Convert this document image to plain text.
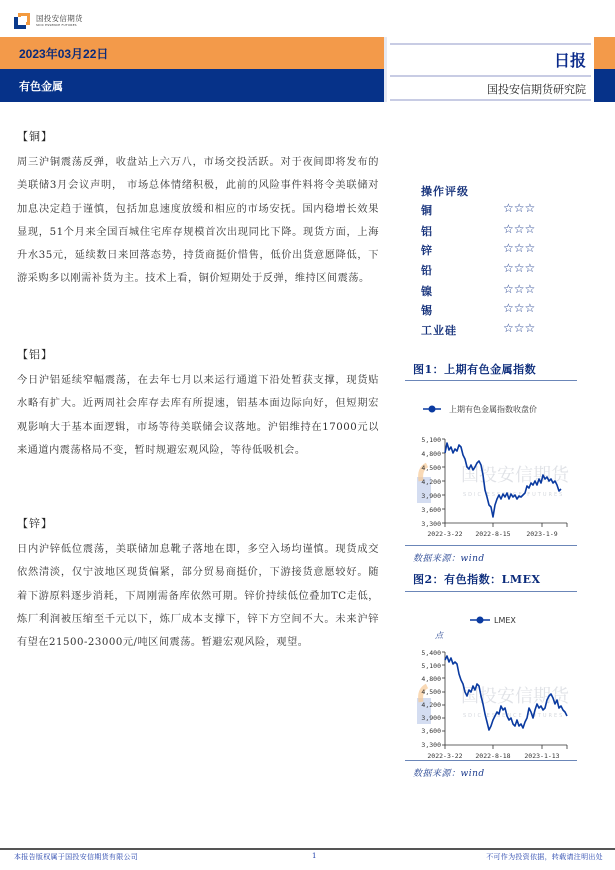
国投安信期货
SDIC ESSENCE FUTURES
2023年03月22日
有色金属
日报
国投安信期货研究院
【铜】
周三沪铜震荡反弹，收盘站上六万八，市场交投活跃。对于夜间即将发布的美联储3月会议声明， 市场总体情绪积极，此前的风险事件料将令美联储对加息决定趋于谨慎，包括加息速度放缓和相应的市场安抚。国内稳增长效果显现，51个月来全国百城住宅库存规模首次出现同比下降。现货方面，上海升水35元，延续数日来回落态势，持货商挺价惜售，低价出货意愿降低，下游采购多以刚需补货为主。技术上看，铜价短期处于反弹，维持区间震荡。
【铝】
今日沪铝延续窄幅震荡，在去年七月以来运行通道下沿处暂获支撑，现货贴水略有扩大。近两周社会库存去库有所提速，铝基本面边际向好，但短期宏观影响大于基本面逻辑，市场等待美联储会议落地。沪铝维持在17000元以来通道内震荡格局不变，暂时规避宏观风险，等待低吸机会。
【锌】
日内沪锌低位震荡，美联储加息靴子落地在即，多空入场均谨慎。现货成交依然清淡，仅宁波地区现货偏紧，部分贸易商挺价，下游接货意愿较好。随着下游原料逐步消耗，下周刚需备库依然可期。锌价持续低位叠加TC走低，炼厂利润被压缩至千元以下，炼厂成本支撑下，锌下方空间不大。未来沪锌有望在21500-23000元/吨区间震荡。暂避宏观风险，观望。
操作评级
铜	☆☆☆
铝	☆☆☆
锌	☆☆☆
铅	☆☆☆
镍	☆☆☆
锡	☆☆☆
工业硅	☆☆☆
图1：上期有色金属指数
上期有色金属指数收盘价
国投安信期货
SDIC ESSENCE FUTURES
5,100
4,800
4,500
4,200
3,900
3,600
3,300
2022-3-22 2022-8-15 2023-1-9
数据来源：wind
图2：有色指数：LMEX
LMEX
点
国投安信期货
SDIC ESSENCE FUTURES
5,400
5,100
4,800
4,500
4,200
3,900
3,600
3,300
2022-3-22 2022-8-18 2023-1-13
数据来源：wind
本报告版权属于国投安信期货有限公司	1	不可作为投资依据，转载请注明出处
